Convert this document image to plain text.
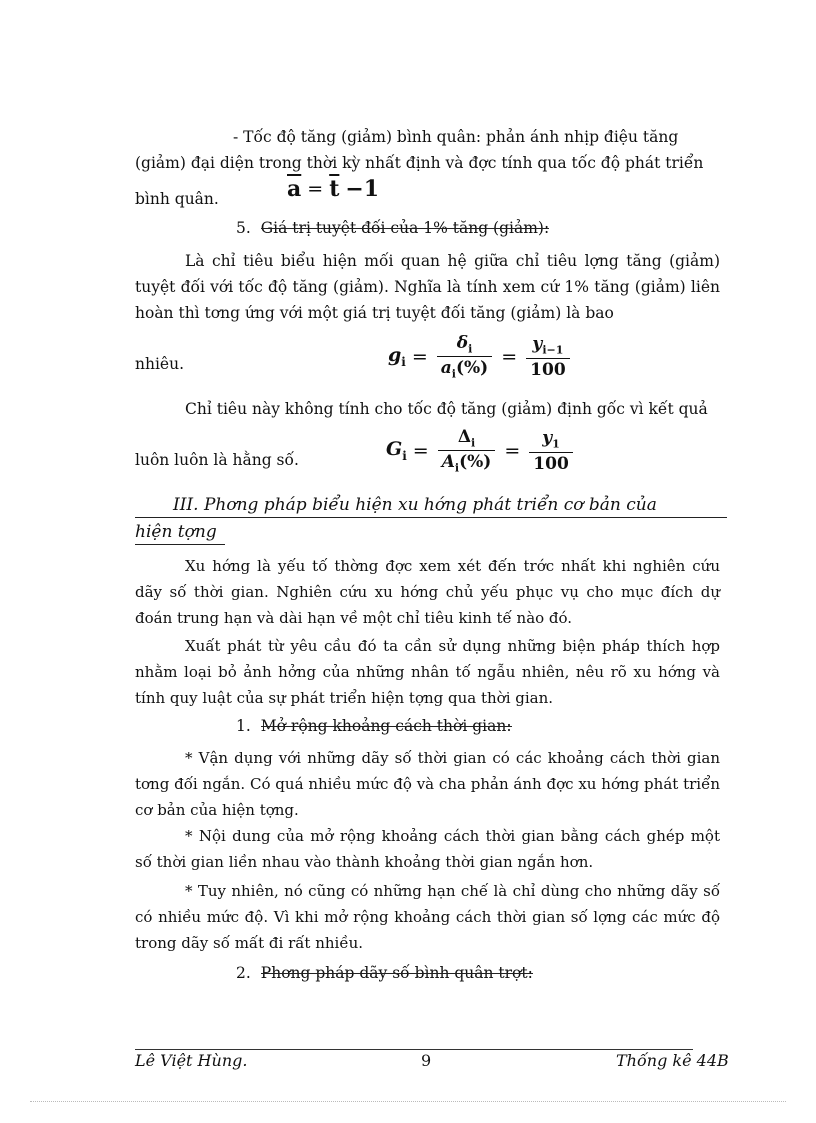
- Tốc độ tăng (giảm) bình quân: phản ánh nhịp điệu tăng

(giảm) đại diện trong thời kỳ nhất định và đợc tính qua tốc độ phát triển

bình quân.	$\overline{a} = \overline{t} -1$
5. Giá trị tuyệt đối của 1% tăng (giảm):

Là chỉ tiêu biểu hiện mối quan hệ giữa chỉ tiêu lợng tăng (giảm) tuyệt đối với tốc độ tăng (giảm). Nghĩa là tính xem cứ 1% tăng (giảm) liên hoàn thì tơng ứng với một giá trị tuyệt đối tăng (giảm) là bao

nhiêu.	$g_i = \frac{\delta_i}{a_i(\%)} = \frac{y_{i-1}}{100}$

Chỉ tiêu này không tính cho tốc độ tăng (giảm) định gốc vì kết quả

luôn luôn là hằng số.	$G_i = \frac{\Delta_i}{A_i(\%)} = \frac{y_1}{100}$
III. Phơng pháp biểu hiện xu hớng phát triển cơ bản của
hiện tợng

Xu hớng là yếu tố thờng đợc xem xét đến trớc nhất khi nghiên cứu dãy số thời gian. Nghiên cứu xu hớng chủ yếu phục vụ cho mục đích dự đoán trung hạn và dài hạn về một chỉ tiêu kinh tế nào đó.

Xuất phát từ yêu cầu đó ta cần sử dụng những biện pháp thích hợp nhằm loại bỏ ảnh hởng của những nhân tố ngẫu nhiên, nêu rõ xu hớng và tính quy luật của sự phát triển hiện tợng qua thời gian.

1. Mở rộng khoảng cách thời gian:

* Vận dụng với những dãy số thời gian có các khoảng cách thời gian tơng đối ngắn. Có quá nhiều mức độ và cha phản ánh đợc xu hớng phát triển cơ bản của hiện tợng.

* Nội dung của mở rộng khoảng cách thời gian bằng cách ghép một số thời gian liền nhau vào thành khoảng thời gian ngắn hơn.

* Tuy nhiên, nó cũng có những hạn chế là chỉ dùng cho những dãy số có nhiều mức độ. Vì khi mở rộng khoảng cách thời gian số lợng các mức độ trong dãy số mất đi rất nhiều.

2. Phơng pháp dãy số bình quân trợt:
Lê Việt Hùng.	9	Thống kê 44B
